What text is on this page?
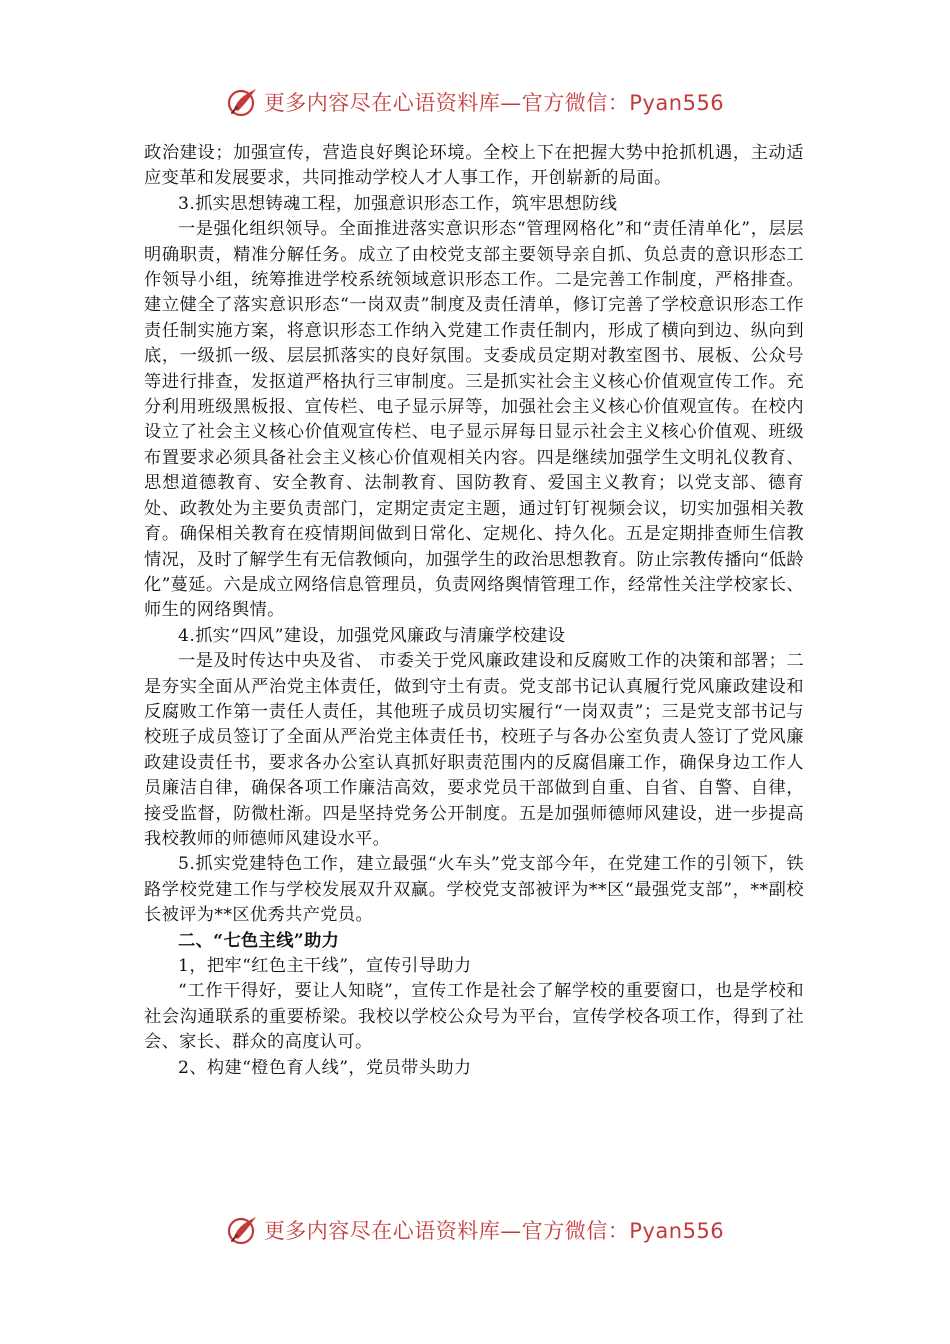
更多内容尽在心语资料库—官方微信：Pyan556

政治建设；加强宣传，营造良好舆论环境。全校上下在把握大势中抢抓机遇，主动适应变革和发展要求，共同推动学校人才人事工作，开创崭新的局面。

3.抓实思想铸魂工程，加强意识形态工作，筑牢思想防线

一是强化组织领导。全面推进落实意识形态“管理网格化”和“责任清单化”，层层明确职责，精准分解任务。成立了由校党支部主要领导亲自抓、负总责的意识形态工作领导小组，统筹推进学校系统领域意识形态工作。二是完善工作制度，严格排查。建立健全了落实意识形态“一岗双责”制度及责任清单，修订完善了学校意识形态工作责任制实施方案，将意识形态工作纳入党建工作责任制内，形成了横向到边、纵向到底，一级抓一级、层层抓落实的良好氛围。支委成员定期对教室图书、展板、公众号等进行排查，发抠道严格执行三审制度。三是抓实社会主义核心价值观宣传工作。充分利用班级黑板报、宣传栏、电子显示屏等，加强社会主义核心价值观宣传。在校内设立了社会主义核心价值观宣传栏、电子显示屏每日显示社会主义核心价值观、班级布置要求必须具备社会主义核心价值观相关内容。四是继续加强学生文明礼仪教育、思想道德教育、安全教育、法制教育、国防教育、爱国主义教育；以党支部、德育处、政教处为主要负责部门，定期定责定主题，通过钉钉视频会议，切实加强相关教育。确保相关教育在疫情期间做到日常化、定规化、持久化。五是定期排查师生信教情况，及时了解学生有无信教倾向，加强学生的政治思想教育。防止宗教传播向“低龄化”蔓延。六是成立网络信息管理员，负责网络舆情管理工作，经常性关注学校家长、师生的网络舆情。

4.抓实“四风”建设，加强党风廉政与清廉学校建设

一是及时传达中央及省、 市委关于党风廉政建设和反腐败工作的决策和部署；二是夯实全面从严治党主体责任，做到守土有责。党支部书记认真履行党风廉政建设和反腐败工作第一责任人责任，其他班子成员切实履行“一岗双责”；三是党支部书记与校班子成员签订了全面从严治党主体责任书，校班子与各办公室负责人签订了党风廉政建设责任书，要求各办公室认真抓好职责范围内的反腐倡廉工作，确保身边工作人员廉洁自律，确保各项工作廉洁高效，要求党员干部做到自重、自省、自警、自律，接受监督，防微杜渐。四是坚持党务公开制度。五是加强师德师风建设，进一步提高我校教师的师德师风建设水平。

5.抓实党建特色工作，建立最强“火车头”党支部今年，在党建工作的引领下，铁路学校党建工作与学校发展双升双赢。学校党支部被评为**区“最强党支部”，**副校长被评为**区优秀共产党员。

二、“七色主线”助力

1，把牢“红色主干线”，宣传引导助力

“工作干得好，要让人知晓”，宣传工作是社会了解学校的重要窗口，也是学校和社会沟通联系的重要桥梁。我校以学校公众号为平台，宣传学校各项工作，得到了社会、家长、群众的高度认可。

2、构建“橙色育人线”，党员带头助力

更多内容尽在心语资料库—官方微信：Pyan556
